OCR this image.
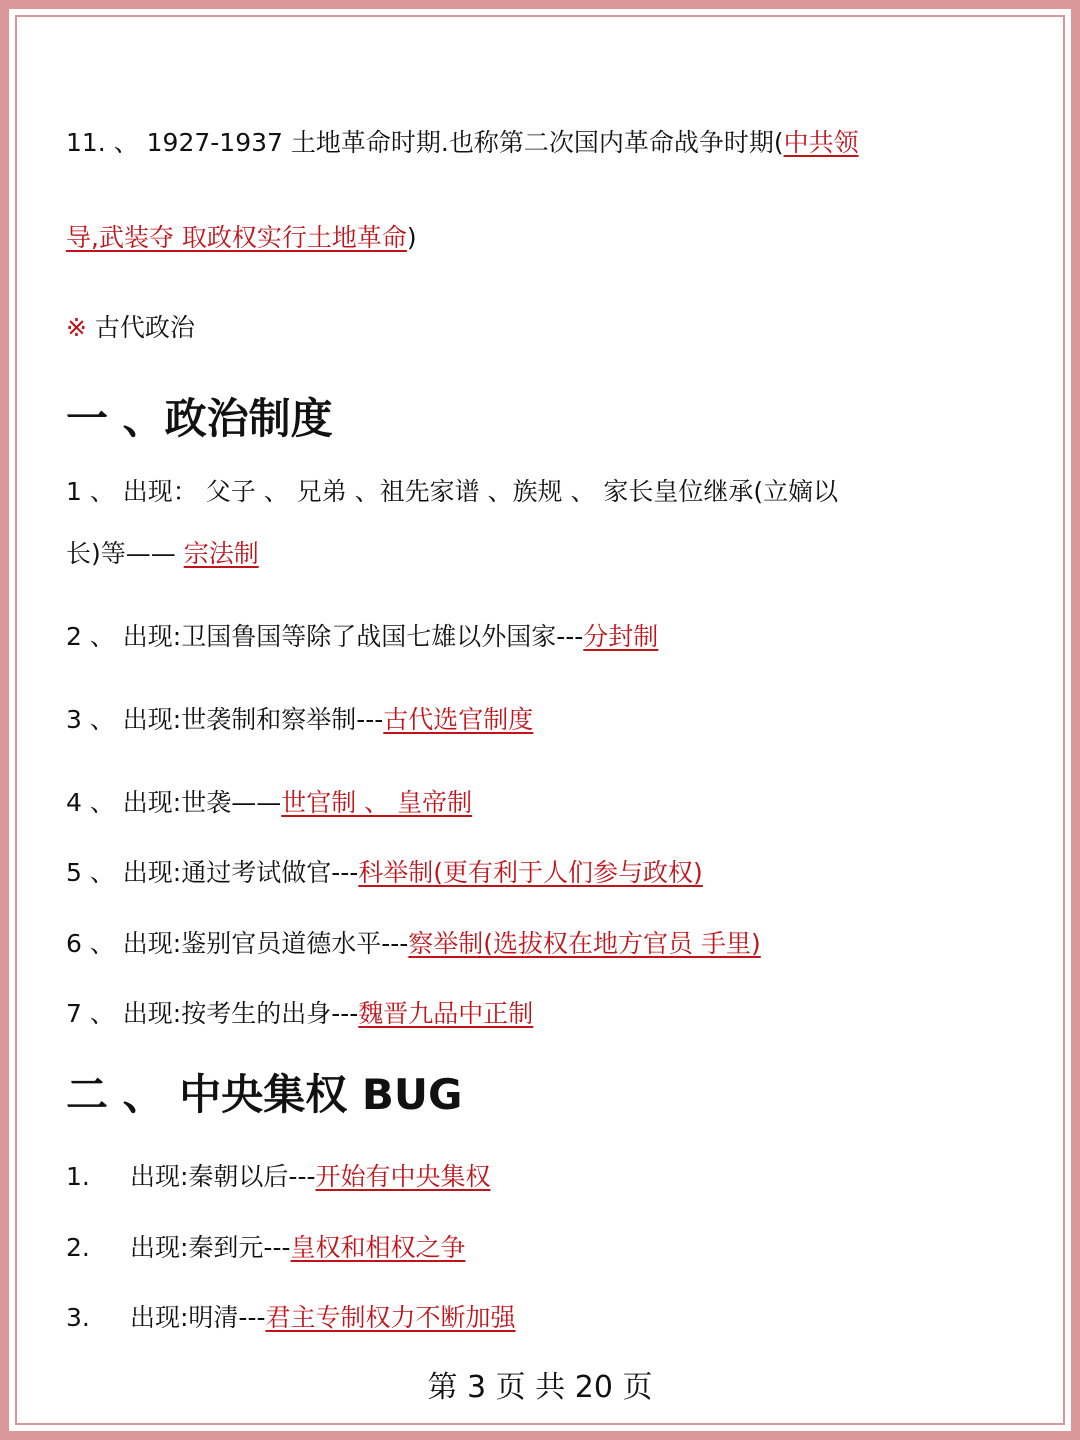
11. 、 1927-1937 土地革命时期.也称第二次国内革命战争时期(中共领
导,武装夺 取政权实行土地革命)
※ 古代政治
一 、政治制度
1 、 出现： 父子 、 兄弟 、祖先家谱 、族规 、 家长皇位继承(立嫡以
长)等—— 宗法制
2 、 出现:卫国鲁国等除了战国七雄以外国家---分封制
3 、 出现:世袭制和察举制---古代选官制度
4 、 出现:世袭——世官制 、 皇帝制
5 、 出现:通过考试做官---科举制(更有利于人们参与政权)
6 、 出现:鉴别官员道德水平---察举制(选拔权在地方官员 手里)
7 、 出现:按考生的出身---魏晋九品中正制
二 、 中央集权 BUG
1. 出现:秦朝以后---开始有中央集权
2. 出现:秦到元---皇权和相权之争
3. 出现:明清---君主专制权力不断加强
第 3 页 共 20 页
